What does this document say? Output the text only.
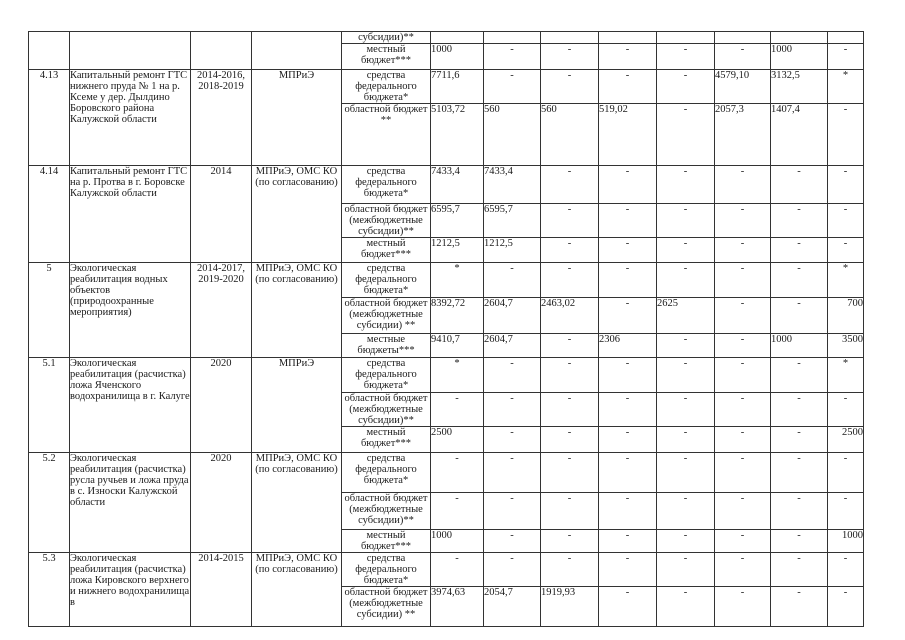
				субсидии)**								
				местный бюджет***	1000	-	-	-	-	-	1000	-
4.13	Капитальный ремонт ГТС нижнего пруда № 1 на р. Ксеме у дер. Дылдино Боровского района Калужской области	2014-2016, 2018-2019	МПРиЭ	средства федерального бюджета*	7711,6	-	-	-	-	4579,10	3132,5	*
				областной бюджет **	5103,72	560	560	519,02	-	2057,3	1407,4	-
4.14	Капитальный ремонт ГТС на р. Протва в г. Боровске Калужской области	2014	МПРиЭ, ОМС КО (по согласованию)	средства федерального бюджета*	7433,4	7433,4	-	-	-	-	-	-
				областной бюджет (межбюджетные субсидии)**	6595,7	6595,7	-	-	-	-	-	-
				местный бюджет***	1212,5	1212,5	-	-	-	-	-	-
5	Экологическая реабилитация водных объектов (природоохранные мероприятия)	2014-2017, 2019-2020	МПРиЭ, ОМС КО (по согласованию)	средства федерального бюджета*	*	-	-	-	-	-	-	*
				областной бюджет (межбюджетные субсидии) **	8392,72	2604,7	2463,02	-	2625	-	-	700
				местные бюджеты***	9410,7	2604,7	-	2306	-	-	1000	3500
5.1	Экологическая реабилитация (расчистка) ложа Яченского водохранилища в г. Калуге	2020	МПРиЭ	средства федерального бюджета*	*	-	-	-	-	-	-	*
				областной бюджет (межбюджетные субсидии)**	-	-	-	-	-	-	-	-
				местный бюджет***	2500	-	-	-	-	-	-	2500
5.2	Экологическая реабилитация (расчистка) русла ручьев и ложа пруда в с. Износки Калужской области	2020	МПРиЭ, ОМС КО (по согласованию)	средства федерального бюджета*	-	-	-	-	-	-	-	-
				областной бюджет (межбюджетные субсидии)**	-	-	-	-	-	-	-	-
				местный бюджет***	1000	-	-	-	-	-	-	1000
5.3	Экологическая реабилитация (расчистка) ложа Кировского верхнего и нижнего водохранилища в	2014-2015	МПРиЭ, ОМС КО (по согласованию)	средства федерального бюджета*	-	-	-	-	-	-	-	-
				областной бюджет (межбюджетные субсидии) **	3974,63	2054,7	1919,93	-	-	-	-	-
